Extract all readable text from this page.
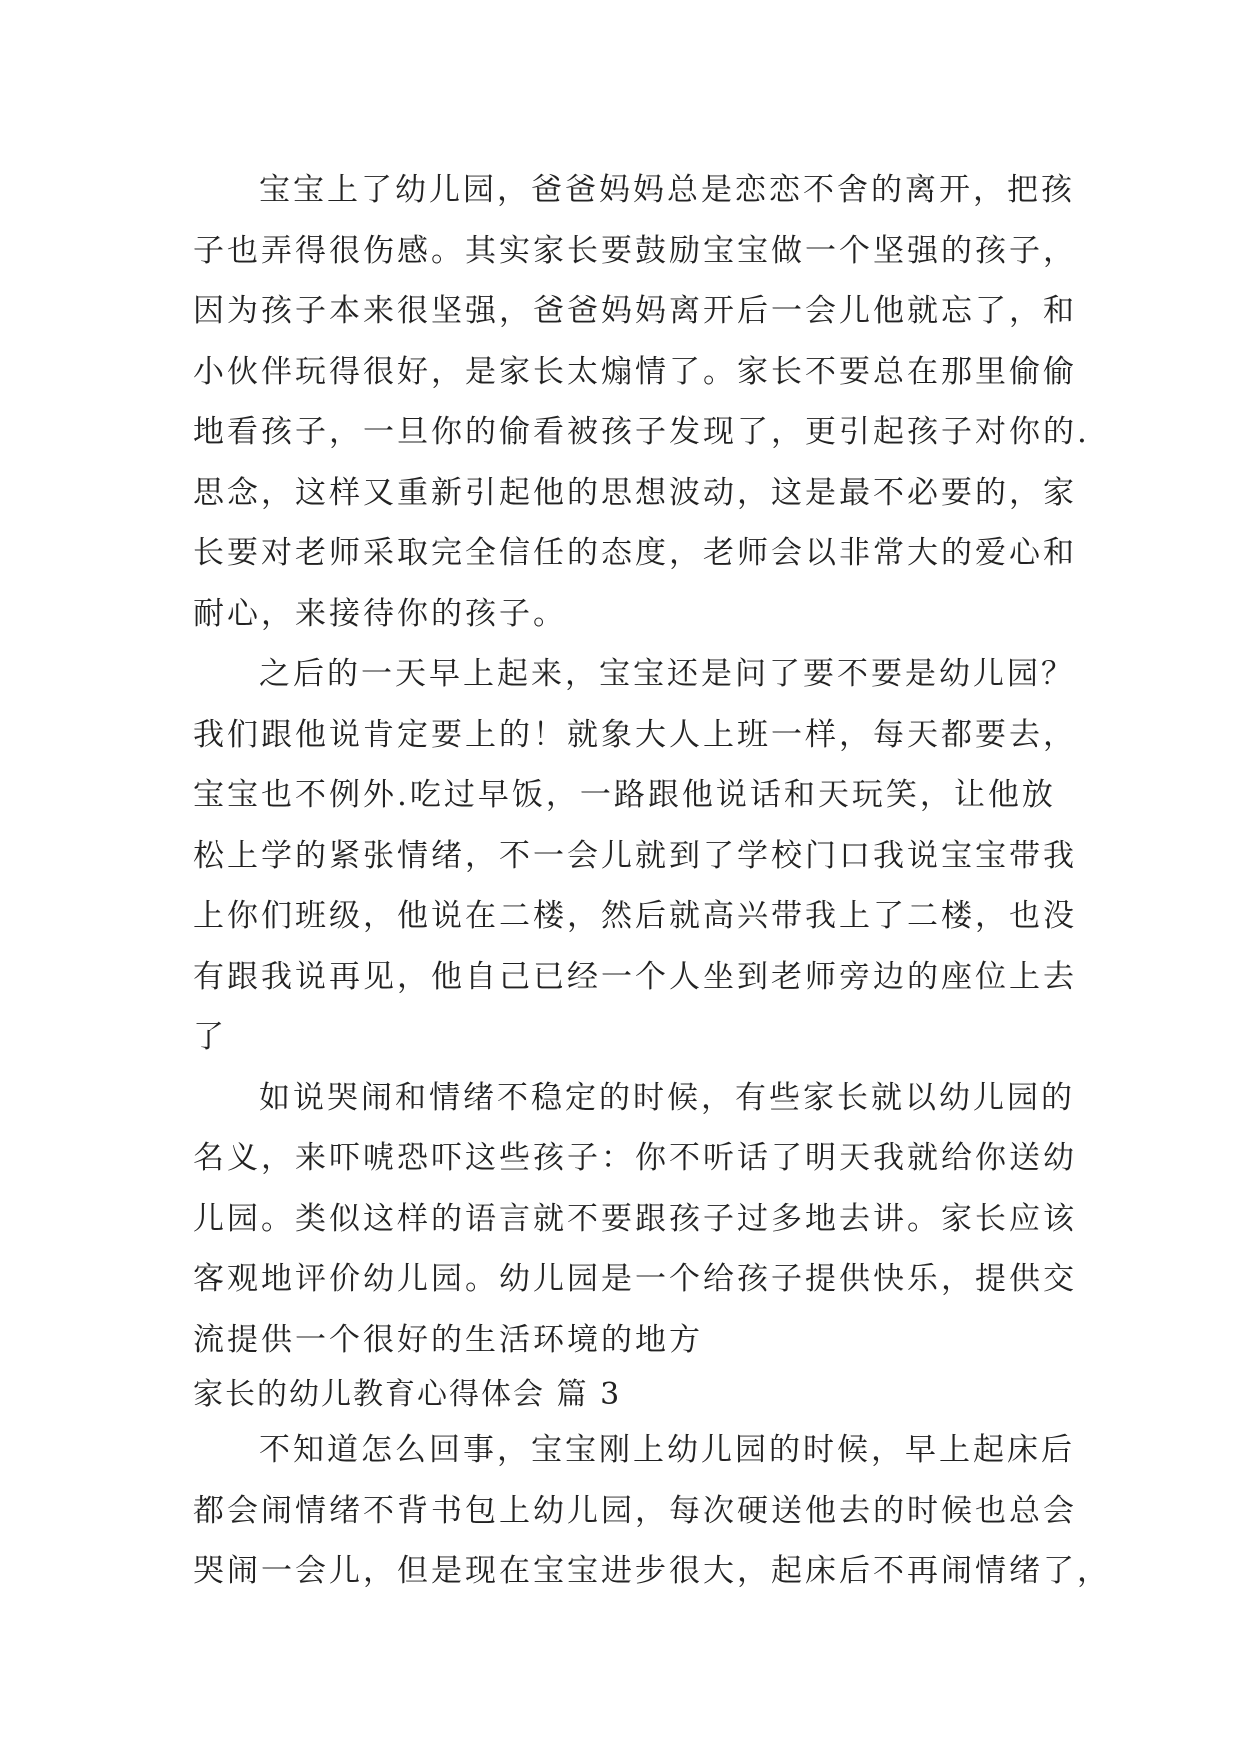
宝宝上了幼儿园，爸爸妈妈总是恋恋不舍的离开，把孩
子也弄得很伤感。其实家长要鼓励宝宝做一个坚强的孩子，
因为孩子本来很坚强，爸爸妈妈离开后一会儿他就忘了，和
小伙伴玩得很好，是家长太煽情了。家长不要总在那里偷偷
地看孩子，一旦你的偷看被孩子发现了，更引起孩子对你的.
思念，这样又重新引起他的思想波动，这是最不必要的，家
长要对老师采取完全信任的态度，老师会以非常大的爱心和
耐心，来接待你的孩子。
之后的一天早上起来，宝宝还是问了要不要是幼儿园？
我们跟他说肯定要上的！就象大人上班一样，每天都要去，
宝宝也不例外.吃过早饭，一路跟他说话和天玩笑，让他放
松上学的紧张情绪，不一会儿就到了学校门口我说宝宝带我
上你们班级，他说在二楼，然后就高兴带我上了二楼，也没
有跟我说再见，他自己已经一个人坐到老师旁边的座位上去
了
如说哭闹和情绪不稳定的时候，有些家长就以幼儿园的
名义，来吓唬恐吓这些孩子：你不听话了明天我就给你送幼
儿园。类似这样的语言就不要跟孩子过多地去讲。家长应该
客观地评价幼儿园。幼儿园是一个给孩子提供快乐，提供交
流提供一个很好的生活环境的地方
家长的幼儿教育心得体会 篇 3
不知道怎么回事，宝宝刚上幼儿园的时候，早上起床后
都会闹情绪不背书包上幼儿园，每次硬送他去的时候也总会
哭闹一会儿，但是现在宝宝进步很大，起床后不再闹情绪了，
